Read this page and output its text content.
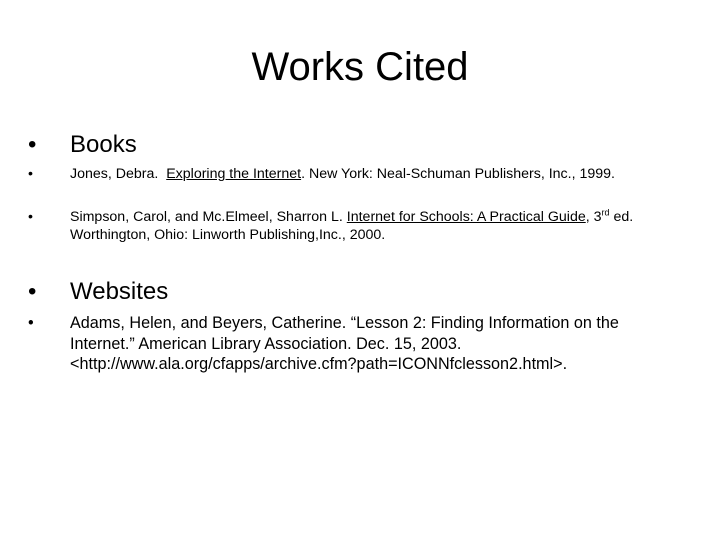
Works Cited
• Books
•	Jones, Debra.  Exploring the Internet. New York: Neal-Schuman Publishers, Inc., 1999.
•	Simpson, Carol, and Mc.Elmeel, Sharron L. Internet for Schools: A Practical Guide, 3rd ed. Worthington, Ohio: Linworth Publishing,Inc., 2000.
• Websites
• Adams, Helen, and Beyers, Catherine. “Lesson 2: Finding Information on the Internet.” American Library Association. Dec. 15, 2003. <http://www.ala.org/cfapps/archive.cfm?path=ICONNfclesson2.html>.
